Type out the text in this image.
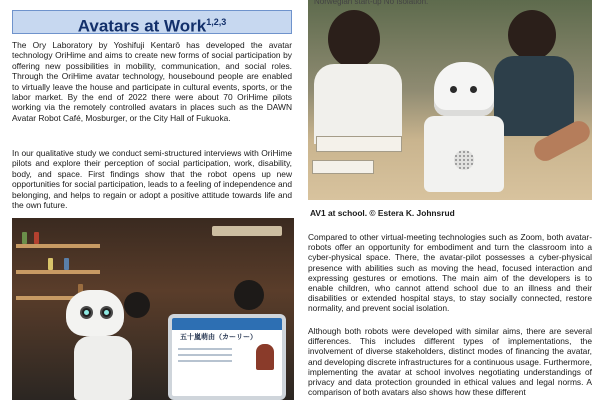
Avatars at Work$^{1,2,3}$

The Ory Laboratory by Yoshifuji Kentarō has developed the avatar technology OriHime and aims to create new forms of social participation by offering new possibilities in mobility, communication, and social roles. Through the OriHime avatar technology, housebound people are enabled to virtually leave the house and participate in cultural events, sports, or the labor market. By the end of 2022 there were about 70 OriHime pilots working via the remotely controlled avatars in places such as the DAWN Avatar Robot Café, Mosburger, or the City Hall of Fukuoka.

In our qualitative study we conduct semi-structured interviews with OriHime pilots and explore their perception of social participation, work, disability, body, and space. First findings show that the robot opens up new opportunities for social participation, leads to a feeling of independence and belonging, and helps to regain or adopt a positive attitude towards life and the own future.

五十嵐萌由（カーリー）
Norwegian start-up No Isolation.
AV1 at school. © Estera K. Johnsrud

Compared to other virtual-meeting technologies such as Zoom, both avatar-robots offer an opportunity for embodiment and turn the classroom into a cyber-physical space. There, the avatar-pilot possesses a cyber-physical presence with abilities such as moving the head, focused interaction and expressing gestures or emotions. The main aim of the developers is to enable children, who cannot attend school due to an illness and their disabilities or extended hospital stays, to stay socially connected, restore normality, and prevent social isolation.

Although both robots were developed with similar aims, there are several differences. This includes different types of implementations, the involvement of diverse stakeholders, distinct modes of financing the avatar, and developing discrete infrastructures for a continuous usage. Furthermore, implementing the avatar at school involves negotiating understandings of privacy and data protection grounded in ethical values and legal norms. A comparison of both avatars also shows how these different
